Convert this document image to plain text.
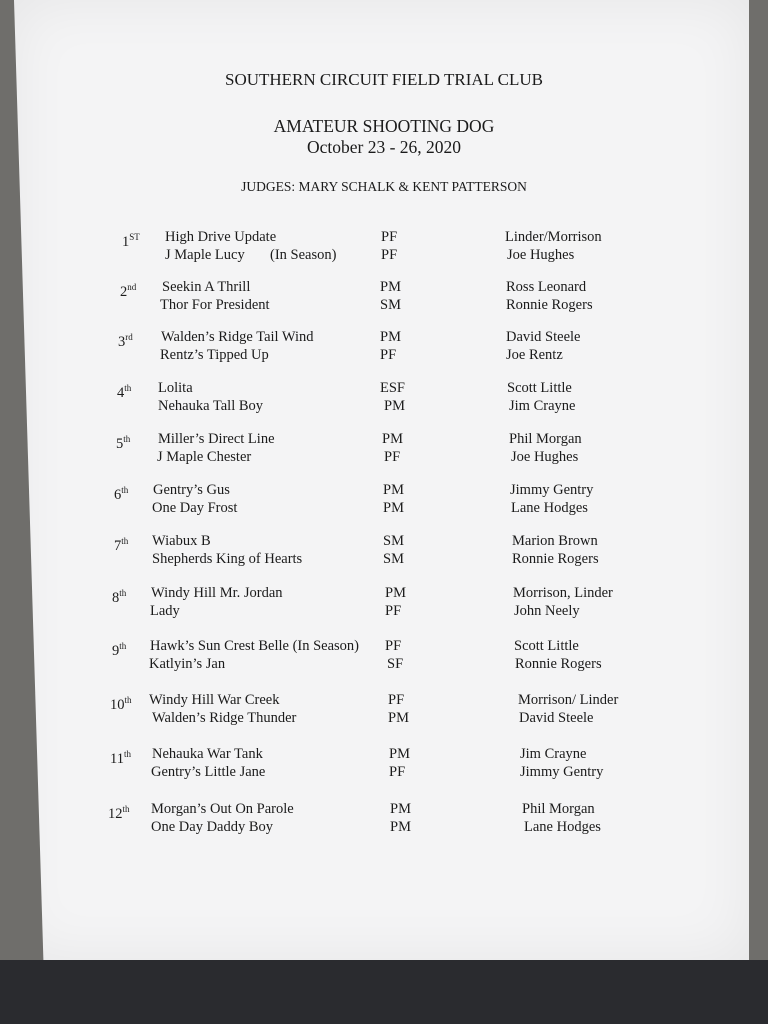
SOUTHERN CIRCUIT FIELD TRIAL CLUB
AMATEUR SHOOTING DOG
October 23 - 26, 2020
JUDGES: MARY SCHALK & KENT PATTERSON
1ST High Drive Update	PF	Linder/Morrison
J Maple Lucy (In Season)	PF	Joe Hughes
2nd Seekin A Thrill	PM	Ross Leonard
Thor For President	SM	Ronnie Rogers
3rd Walden’s Ridge Tail Wind	PM	David Steele
Rentz’s Tipped Up	PF	Joe Rentz
4th Lolita	ESF	Scott Little
Nehauka Tall Boy	PM	Jim Crayne
5th Miller’s Direct Line	PM	Phil Morgan
J Maple Chester	PF	Joe Hughes
6th Gentry’s Gus	PM	Jimmy Gentry
One Day Frost	PM	Lane Hodges
7th Wiabux B	SM	Marion Brown
Shepherds King of Hearts	SM	Ronnie Rogers
8th Windy Hill Mr. Jordan	PM	Morrison, Linder
Lady	PF	John Neely
9th Hawk’s Sun Crest Belle (In Season) PF	Scott Little
Katlyin’s Jan	SF	Ronnie Rogers
10th Windy Hill War Creek	PF	Morrison/ Linder
Walden’s Ridge Thunder	PM	David Steele
11th Nehauka War Tank	PM	Jim Crayne
Gentry’s Little Jane	PF	Jimmy Gentry
12th Morgan’s Out On Parole	PM	Phil Morgan
One Day Daddy Boy	PM	Lane Hodges
